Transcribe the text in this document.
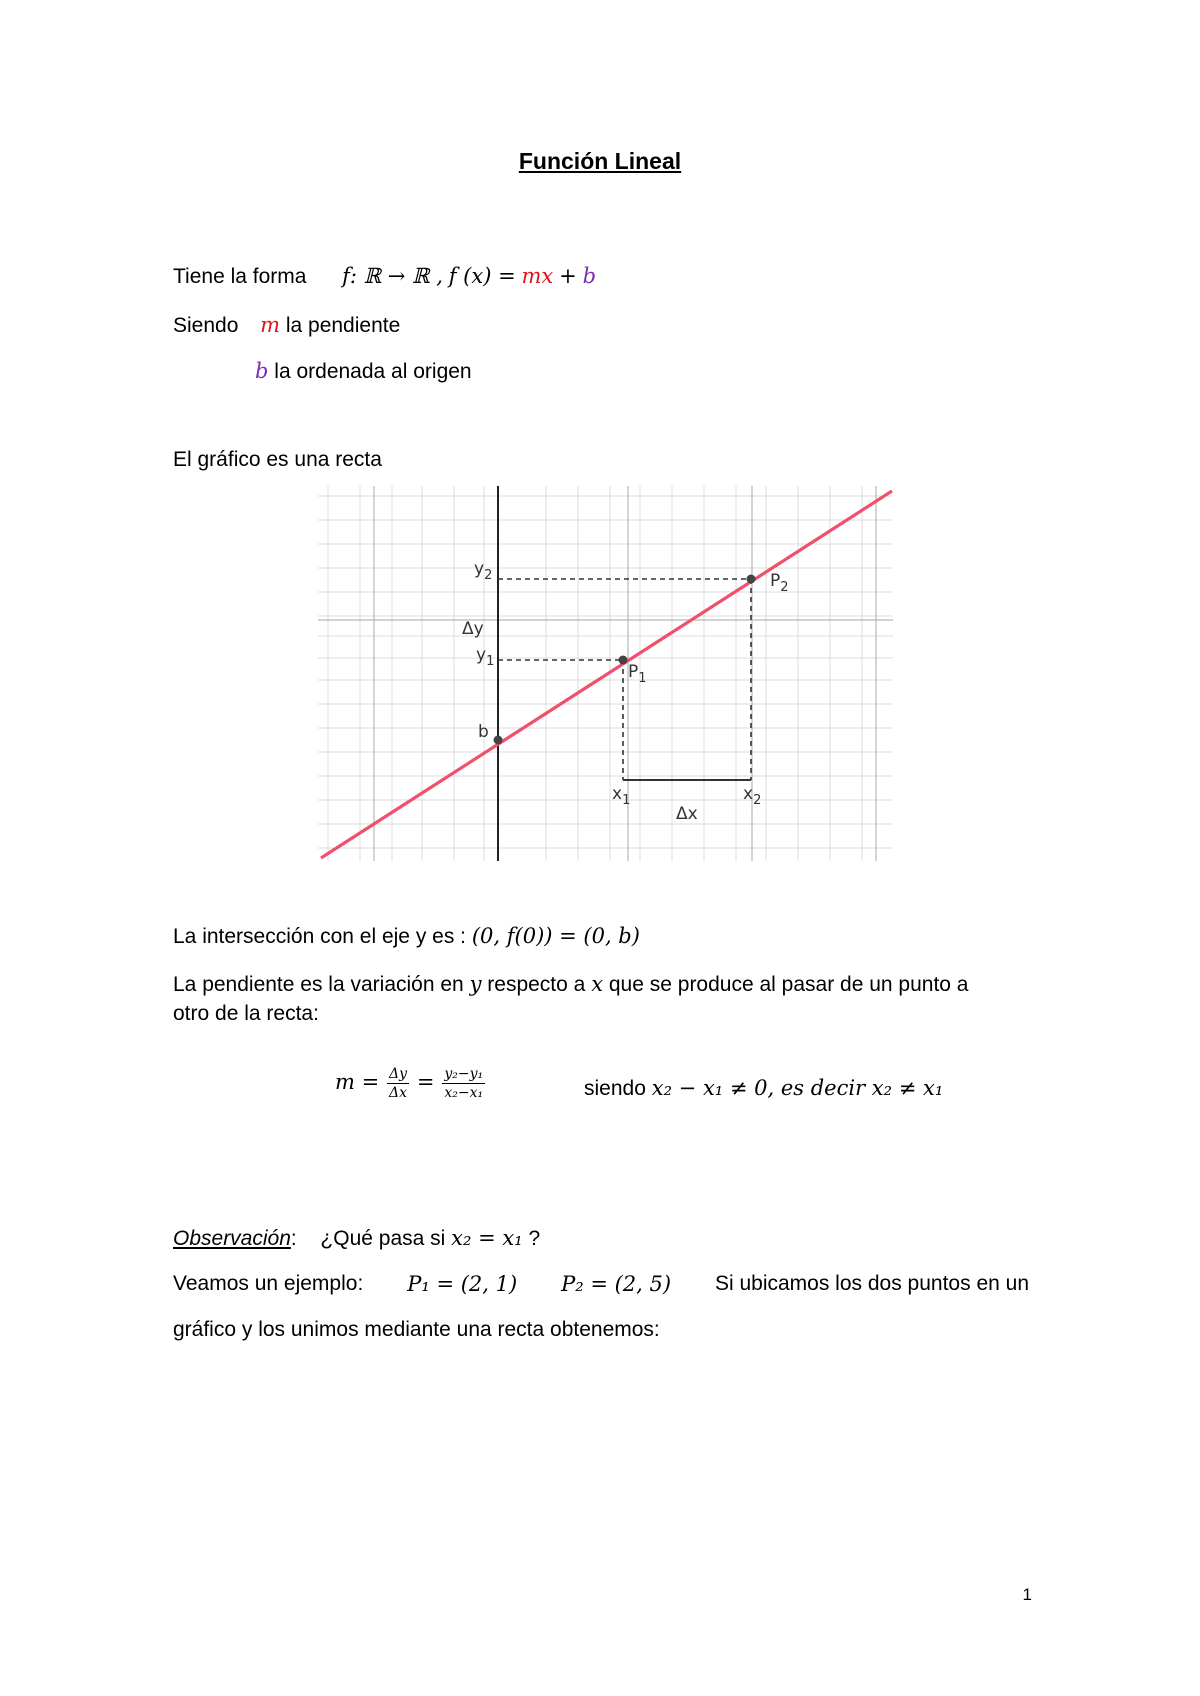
Función Lineal
Tiene la forma f: ℝ → ℝ , f (x) = mx + b
Siendo m la pendiente
b la ordenada al origen
El gráfico es una recta
$y_2$
Δy
$y_1$
b
$P_1$
$P_2$
$x_1$	$x_2$
Δx
La intersección con el eje y es : (0, f(0)) = (0, b)
La pendiente es la variación en y respecto a x que se produce al pasar de un punto a
otro de la recta:
$m = \frac{\Delta y}{\Delta x} = \frac{\text{y₂−y₁}}{\text{x₂−x₁}}$	siendo x₂ − x₁ ≠ 0, es decir x₂ ≠ x₁
Observación: ¿Qué pasa si x₂ = x₁ ?
Veamos un ejemplo: P₁ = (2, 1) P₂ = (2, 5) Si ubicamos los dos puntos en un
gráfico y los unimos mediante una recta obtenemos:
1
